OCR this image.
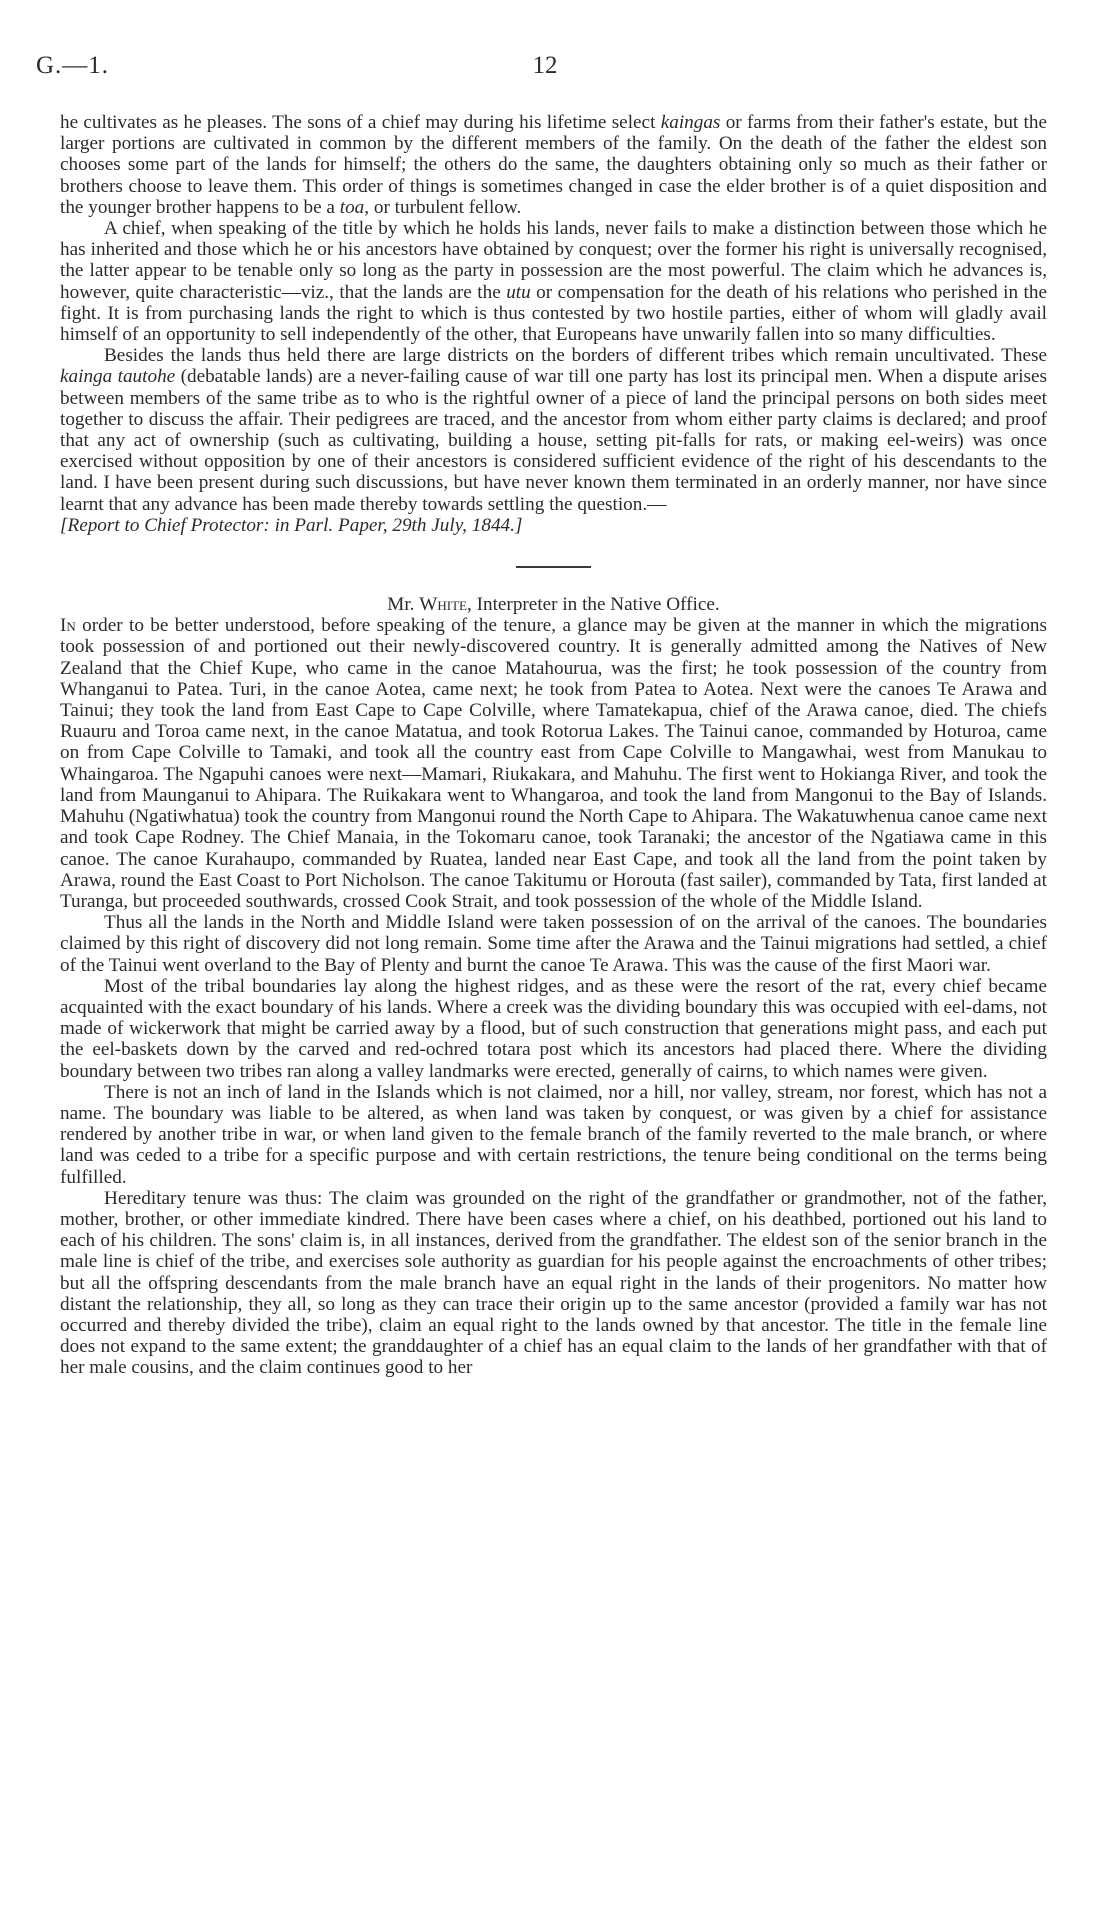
G.—1.	12

he cultivates as he pleases. The sons of a chief may during his lifetime select kaingas or farms from their father's estate, but the larger portions are cultivated in common by the different members of the family. On the death of the father the eldest son chooses some part of the lands for himself; the others do the same, the daughters obtaining only so much as their father or brothers choose to leave them. This order of things is sometimes changed in case the elder brother is of a quiet disposition and the younger brother happens to be a toa, or turbulent fellow.

A chief, when speaking of the title by which he holds his lands, never fails to make a distinction between those which he has inherited and those which he or his ancestors have obtained by conquest; over the former his right is universally recognised, the latter appear to be tenable only so long as the party in possession are the most powerful. The claim which he advances is, however, quite characteristic—viz., that the lands are the utu or compensation for the death of his relations who perished in the fight. It is from purchasing lands the right to which is thus contested by two hostile parties, either of whom will gladly avail himself of an opportunity to sell independently of the other, that Europeans have unwarily fallen into so many difficulties.

Besides the lands thus held there are large districts on the borders of different tribes which remain uncultivated. These kainga tautohe (debatable lands) are a never-failing cause of war till one party has lost its principal men. When a dispute arises between members of the same tribe as to who is the rightful owner of a piece of land the principal persons on both sides meet together to discuss the affair. Their pedigrees are traced, and the ancestor from whom either party claims is declared; and proof that any act of ownership (such as cultivating, building a house, setting pit-falls for rats, or making eel-weirs) was once exercised without opposition by one of their ancestors is considered sufficient evidence of the right of his descendants to the land. I have been present during such discussions, but have never known them terminated in an orderly manner, nor have since learnt that any advance has been made thereby towards settling the question.—

[Report to Chief Protector: in Parl. Paper, 29th July, 1844.]

Mr. White, Interpreter in the Native Office.

In order to be better understood, before speaking of the tenure, a glance may be given at the manner in which the migrations took possession of and portioned out their newly-discovered country. It is generally admitted among the Natives of New Zealand that the Chief Kupe, who came in the canoe Matahourua, was the first; he took possession of the country from Whanganui to Patea. Turi, in the canoe Aotea, came next; he took from Patea to Aotea. Next were the canoes Te Arawa and Tainui; they took the land from East Cape to Cape Colville, where Tamatekapua, chief of the Arawa canoe, died. The chiefs Ruauru and Toroa came next, in the canoe Matatua, and took Rotorua Lakes. The Tainui canoe, commanded by Hoturoa, came on from Cape Colville to Tamaki, and took all the country east from Cape Colville to Mangawhai, west from Manukau to Whaingaroa. The Ngapuhi canoes were next—Mamari, Riukakara, and Mahuhu. The first went to Hokianga River, and took the land from Maunganui to Ahipara. The Ruikakara went to Whangaroa, and took the land from Mangonui to the Bay of Islands. Mahuhu (Ngatiwhatua) took the country from Mangonui round the North Cape to Ahipara. The Wakatuwhenua canoe came next and took Cape Rodney. The Chief Manaia, in the Tokomaru canoe, took Taranaki; the ancestor of the Ngatiawa came in this canoe. The canoe Kurahaupo, commanded by Ruatea, landed near East Cape, and took all the land from the point taken by Arawa, round the East Coast to Port Nicholson. The canoe Takitumu or Horouta (fast sailer), commanded by Tata, first landed at Turanga, but proceeded southwards, crossed Cook Strait, and took possession of the whole of the Middle Island.

Thus all the lands in the North and Middle Island were taken possession of on the arrival of the canoes. The boundaries claimed by this right of discovery did not long remain. Some time after the Arawa and the Tainui migrations had settled, a chief of the Tainui went overland to the Bay of Plenty and burnt the canoe Te Arawa. This was the cause of the first Maori war.

Most of the tribal boundaries lay along the highest ridges, and as these were the resort of the rat, every chief became acquainted with the exact boundary of his lands. Where a creek was the dividing boundary this was occupied with eel-dams, not made of wickerwork that might be carried away by a flood, but of such construction that generations might pass, and each put the eel-baskets down by the carved and red-ochred totara post which its ancestors had placed there. Where the dividing boundary between two tribes ran along a valley landmarks were erected, generally of cairns, to which names were given.

There is not an inch of land in the Islands which is not claimed, nor a hill, nor valley, stream, nor forest, which has not a name. The boundary was liable to be altered, as when land was taken by conquest, or was given by a chief for assistance rendered by another tribe in war, or when land given to the female branch of the family reverted to the male branch, or where land was ceded to a tribe for a specific purpose and with certain restrictions, the tenure being conditional on the terms being fulfilled.

Hereditary tenure was thus: The claim was grounded on the right of the grandfather or grandmother, not of the father, mother, brother, or other immediate kindred. There have been cases where a chief, on his deathbed, portioned out his land to each of his children. The sons' claim is, in all instances, derived from the grandfather. The eldest son of the senior branch in the male line is chief of the tribe, and exercises sole authority as guardian for his people against the encroachments of other tribes; but all the offspring descendants from the male branch have an equal right in the lands of their progenitors. No matter how distant the relationship, they all, so long as they can trace their origin up to the same ancestor (provided a family war has not occurred and thereby divided the tribe), claim an equal right to the lands owned by that ancestor. The title in the female line does not expand to the same extent; the granddaughter of a chief has an equal claim to the lands of her grandfather with that of her male cousins, and the claim continues good to her
